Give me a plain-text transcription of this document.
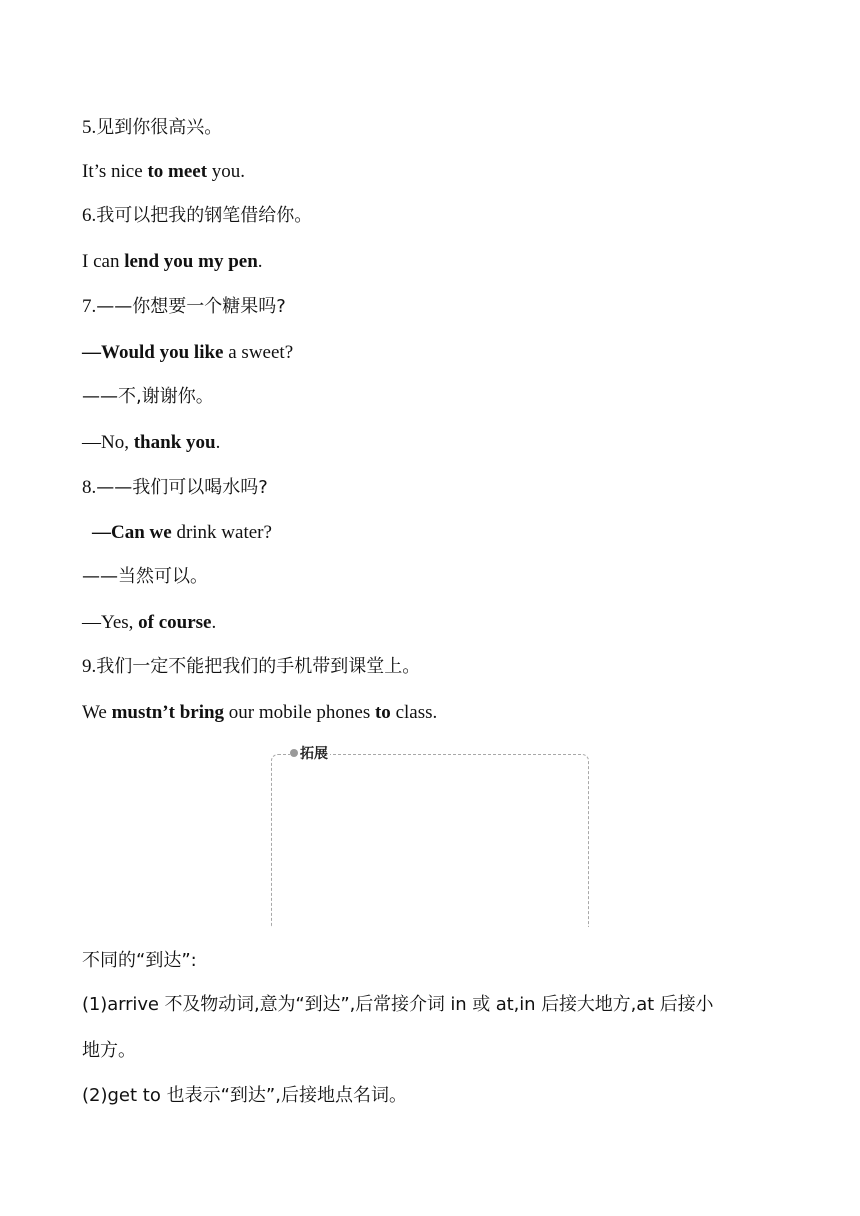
5.见到你很高兴。
It’s nice to meet you.
6.我可以把我的钢笔借给你。
I can lend you my pen.
7.——你想要一个糖果吗?
—Would you like a sweet?
——不,谢谢你。
—No, thank you.
8.——我们可以喝水吗?
—Can we drink water?
——当然可以。
—Yes, of course.
9.我们一定不能把我们的手机带到课堂上。
We mustn’t bring our mobile phones to class.
拓展
不同的“到达”:
(1)arrive 不及物动词,意为“到达”,后常接介词 in 或 at,in 后接大地方,at 后接小
地方。
(2)get to 也表示“到达”,后接地点名词。
